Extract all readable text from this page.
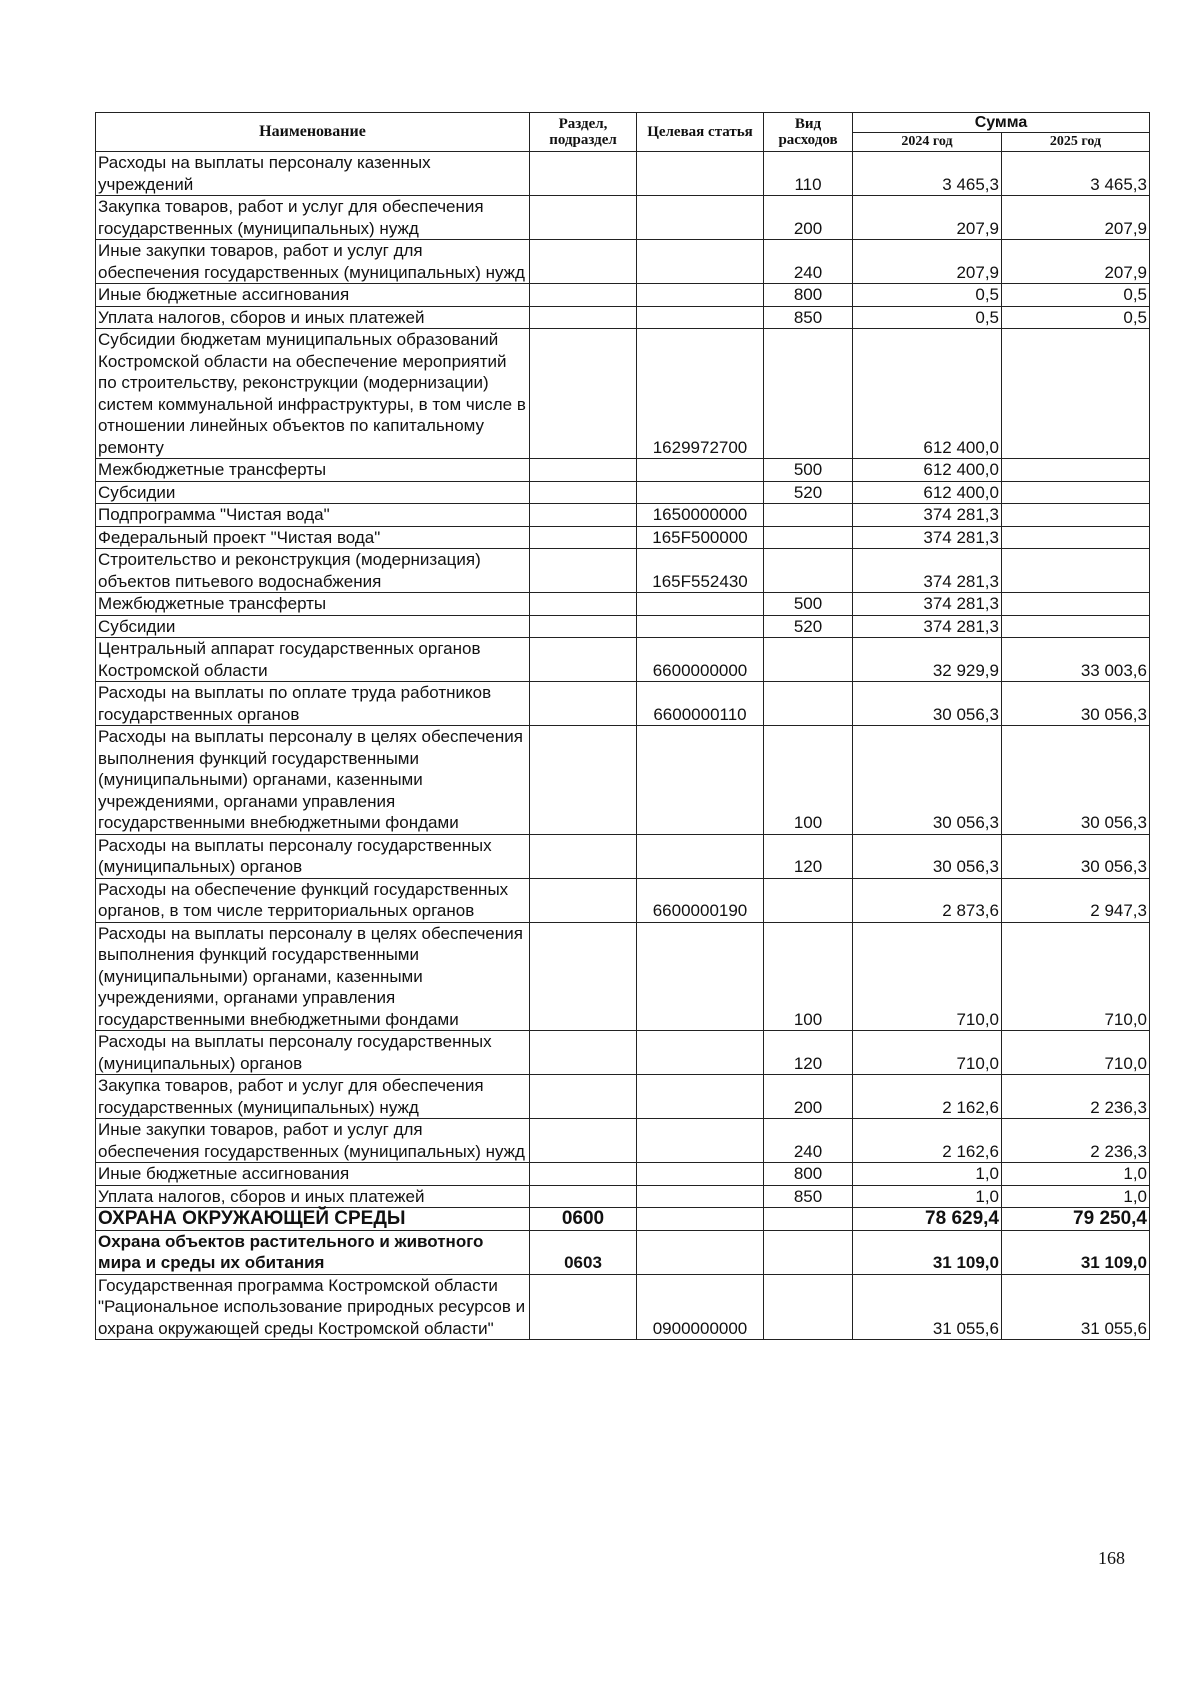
Наименование	Раздел, подраздел	Целевая статья	Вид расходов	Сумма	
				2024 год	2025 год
Расходы на выплаты персоналу казенных учреждений			110	3 465,3	3 465,3
Закупка товаров, работ и услуг для обеспечения государственных (муниципальных) нужд			200	207,9	207,9
Иные закупки товаров, работ и услуг для обеспечения государственных (муниципальных) нужд			240	207,9	207,9
Иные бюджетные ассигнования			800	0,5	0,5
Уплата налогов, сборов и иных платежей			850	0,5	0,5
Субсидии бюджетам муниципальных образований Костромской области на обеспечение мероприятий по строительству, реконструкции (модернизации) систем коммунальной инфраструктуры, в том числе в отношении линейных объектов по капитальному ремонту		1629972700		612 400,0	
Межбюджетные трансферты			500	612 400,0	
Субсидии			520	612 400,0	
Подпрограмма "Чистая вода"		1650000000		374 281,3	
Федеральный проект "Чистая вода"		165F500000		374 281,3	
Строительство и реконструкция (модернизация) объектов питьевого водоснабжения		165F552430		374 281,3	
Межбюджетные трансферты			500	374 281,3	
Субсидии			520	374 281,3	
Центральный аппарат государственных органов Костромской области		6600000000		32 929,9	33 003,6
Расходы на выплаты по оплате труда работников государственных органов		6600000110		30 056,3	30 056,3
Расходы на выплаты персоналу в целях обеспечения выполнения функций государственными (муниципальными) органами, казенными учреждениями, органами управления государственными внебюджетными фондами			100	30 056,3	30 056,3
Расходы на выплаты персоналу государственных (муниципальных) органов			120	30 056,3	30 056,3
Расходы на обеспечение функций государственных органов, в том числе территориальных органов		6600000190		2 873,6	2 947,3
Расходы на выплаты персоналу в целях обеспечения выполнения функций государственными (муниципальными) органами, казенными учреждениями, органами управления государственными внебюджетными фондами			100	710,0	710,0
Расходы на выплаты персоналу государственных (муниципальных) органов			120	710,0	710,0
Закупка товаров, работ и услуг для обеспечения государственных (муниципальных) нужд			200	2 162,6	2 236,3
Иные закупки товаров, работ и услуг для обеспечения государственных (муниципальных) нужд			240	2 162,6	2 236,3
Иные бюджетные ассигнования			800	1,0	1,0
Уплата налогов, сборов и иных платежей			850	1,0	1,0
ОХРАНА ОКРУЖАЮЩЕЙ СРЕДЫ	0600			78 629,4	79 250,4
Охрана объектов растительного и животного мира и среды их обитания	0603			31 109,0	31 109,0
Государственная программа Костромской области "Рациональное использование природных ресурсов и охрана окружающей среды Костромской области"		0900000000		31 055,6	31 055,6
168
